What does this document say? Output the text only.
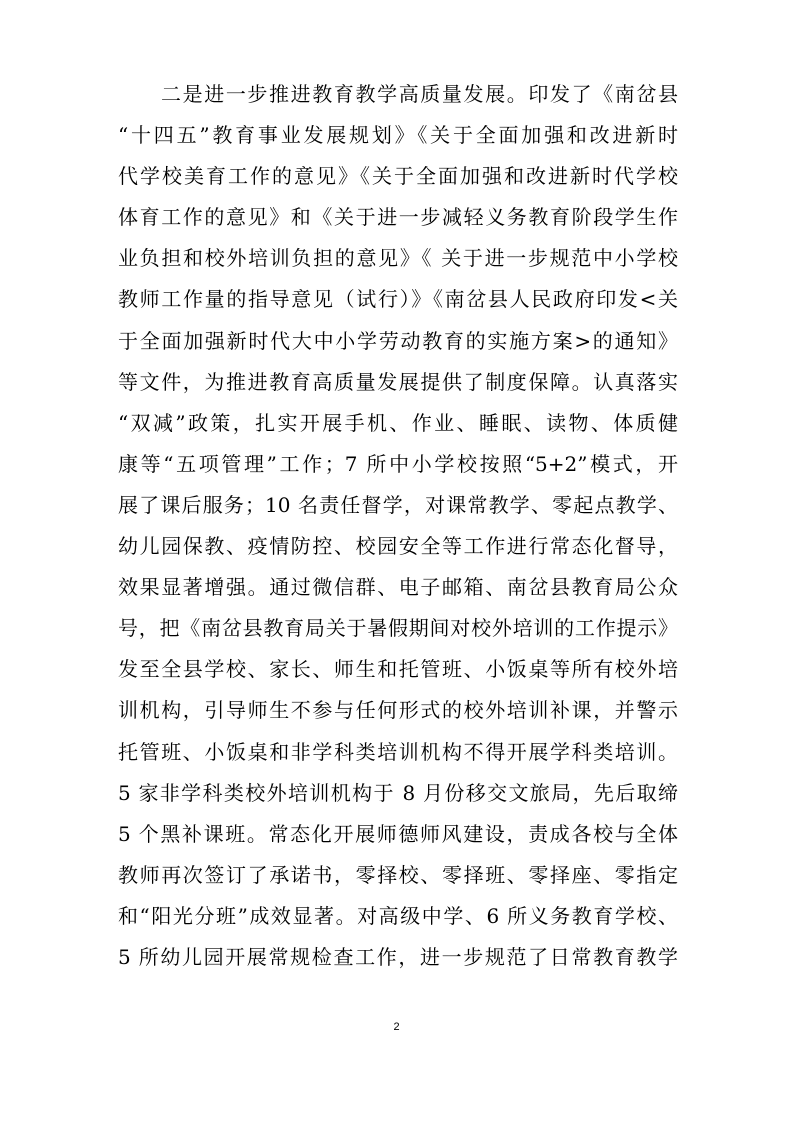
二是进一步推进教育教学高质量发展。印发了《南岔县
“十四五”教育事业发展规划》《关于全面加强和改进新时
代学校美育工作的意见》《关于全面加强和改进新时代学校
体育工作的意见》和《关于进一步减轻义务教育阶段学生作
业负担和校外培训负担的意见》《 关于进一步规范中小学校
教师工作量的指导意见（试行）》《南岔县人民政府印发<关
于全面加强新时代大中小学劳动教育的实施方案>的通知》
等文件，为推进教育高质量发展提供了制度保障。认真落实
“双减”政策，扎实开展手机、作业、睡眠、读物、体质健
康等“五项管理”工作；7 所中小学校按照“5+2”模式，开
展了课后服务；10 名责任督学，对课常教学、零起点教学、
幼儿园保教、疫情防控、校园安全等工作进行常态化督导，
效果显著增强。通过微信群、电子邮箱、南岔县教育局公众
号，把《南岔县教育局关于暑假期间对校外培训的工作提示》
发至全县学校、家长、师生和托管班、小饭桌等所有校外培
训机构，引导师生不参与任何形式的校外培训补课，并警示
托管班、小饭桌和非学科类培训机构不得开展学科类培训。
5 家非学科类校外培训机构于 8 月份移交文旅局，先后取缔
5 个黑补课班。常态化开展师德师风建设，责成各校与全体
教师再次签订了承诺书，零择校、零择班、零择座、零指定
和“阳光分班”成效显著。对高级中学、6 所义务教育学校、
5 所幼儿园开展常规检查工作，进一步规范了日常教育教学
2
